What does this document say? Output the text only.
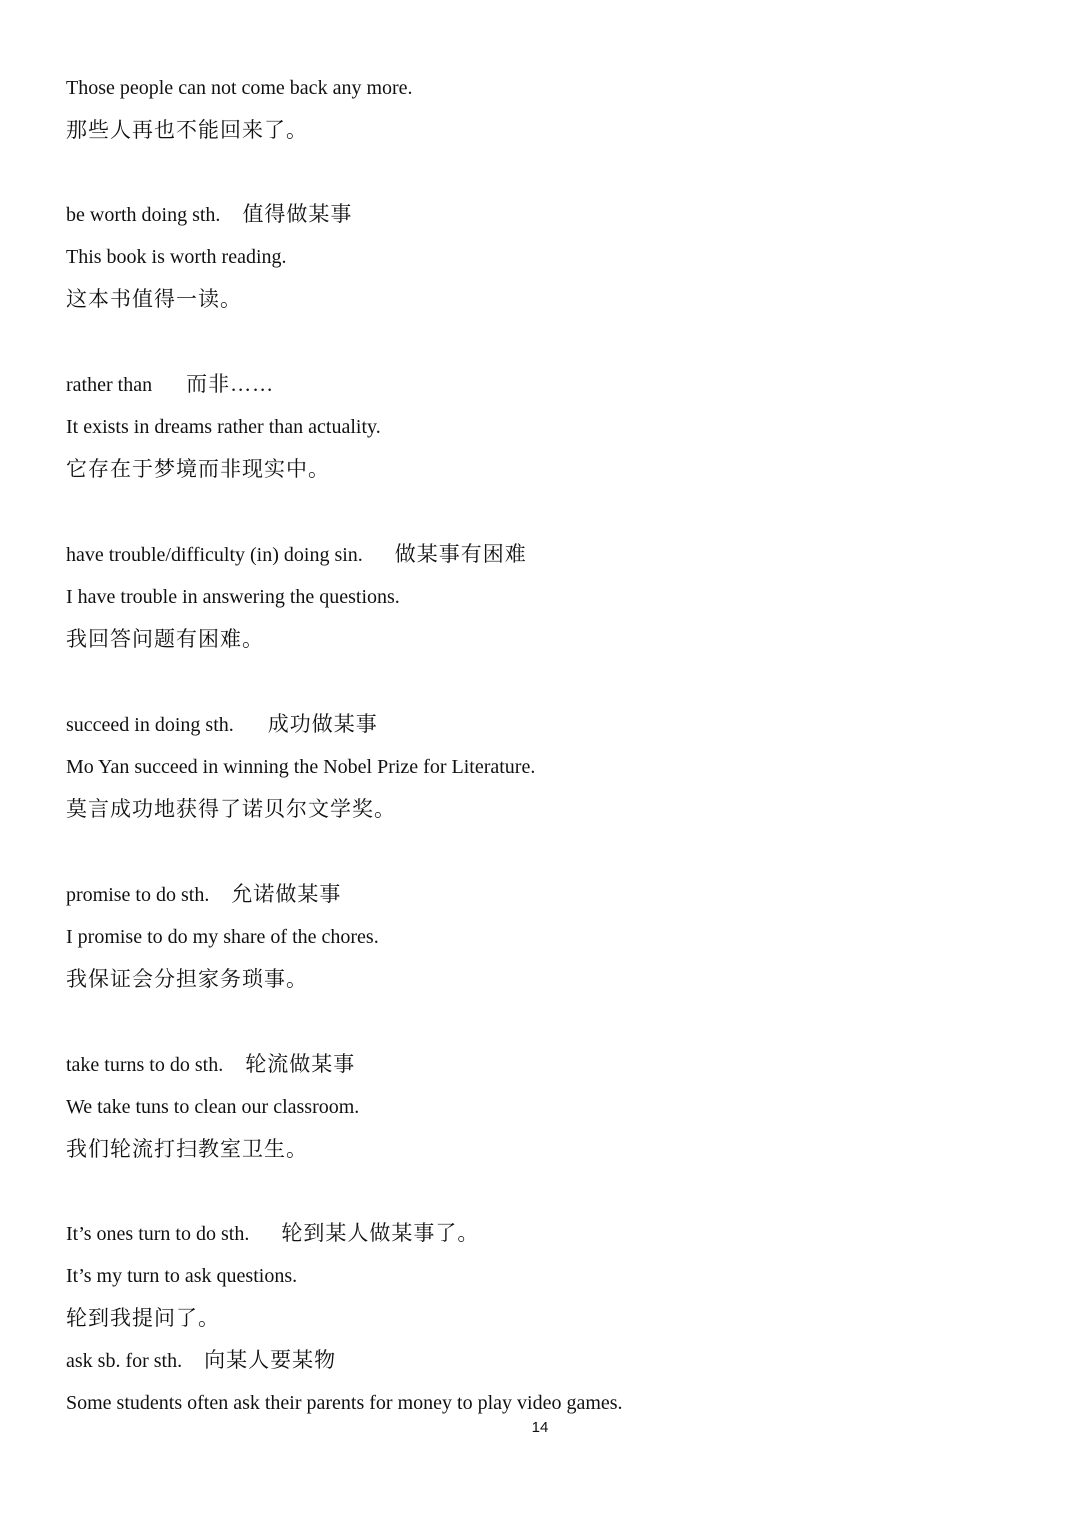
Those people can not come back any more.
那些人再也不能回来了。
be worth doing sth. 值得做某事
This book is worth reading.
这本书值得一读。
rather than 而非……
It exists in dreams rather than actuality.
它存在于梦境而非现实中。
have trouble/difficulty (in) doing sin. 做某事有困难
I have trouble in answering the questions.
我回答问题有困难。
succeed in doing sth. 成功做某事
Mo Yan succeed in winning the Nobel Prize for Literature.
莫言成功地获得了诺贝尔文学奖。
promise to do sth. 允诺做某事
I promise to do my share of the chores.
我保证会分担家务琐事。
take turns to do sth. 轮流做某事
We take tuns to clean our classroom.
我们轮流打扫教室卫生。
It’s ones turn to do sth. 轮到某人做某事了。
It’s my turn to ask questions.
轮到我提问了。
ask sb. for sth. 向某人要某物
Some students often ask their parents for money to play video games.
14
